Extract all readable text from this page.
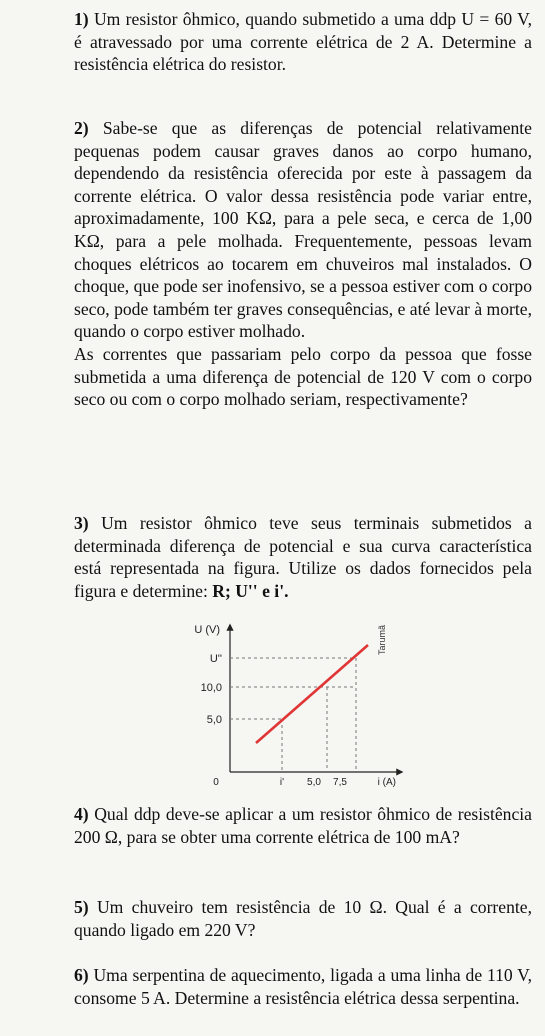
1) Um resistor ôhmico, quando submetido a uma ddp U = 60 V, é atravessado por uma corrente elétrica de 2 A. Determine a resistência elétrica do resistor.

2) Sabe-se que as diferenças de potencial relativamente pequenas podem causar graves danos ao corpo humano, dependendo da resistência oferecida por este à passagem da corrente elétrica. O valor dessa resistência pode variar entre, aproximadamente, 100 KΩ, para a pele seca, e cerca de 1,00 KΩ, para a pele molhada. Frequentemente, pessoas levam choques elétricos ao tocarem em chuveiros mal instalados. O choque, que pode ser inofensivo, se a pessoa estiver com o corpo seco, pode também ter graves consequências, e até levar à morte, quando o corpo estiver molhado.

As correntes que passariam pelo corpo da pessoa que fosse submetida a uma diferença de potencial de 120 V com o corpo seco ou com o corpo molhado seriam, respectivamente?

3) Um resistor ôhmico teve seus terminais submetidos a determinada diferença de potencial e sua curva característica está representada na figura. Utilize os dados fornecidos pela figura e determine: R; U'' e i'.

U (V)
U''
10,0
5,0
0	i' 5,0 7,5	i (A)
Tarumã

4) Qual ddp deve-se aplicar a um resistor ôhmico de resistência 200 Ω, para se obter uma corrente elétrica de 100 mA?

5) Um chuveiro tem resistência de 10 Ω. Qual é a corrente, quando ligado em 220 V?

6) Uma serpentina de aquecimento, ligada a uma linha de 110 V, consome 5 A. Determine a resistência elétrica dessa serpentina.
